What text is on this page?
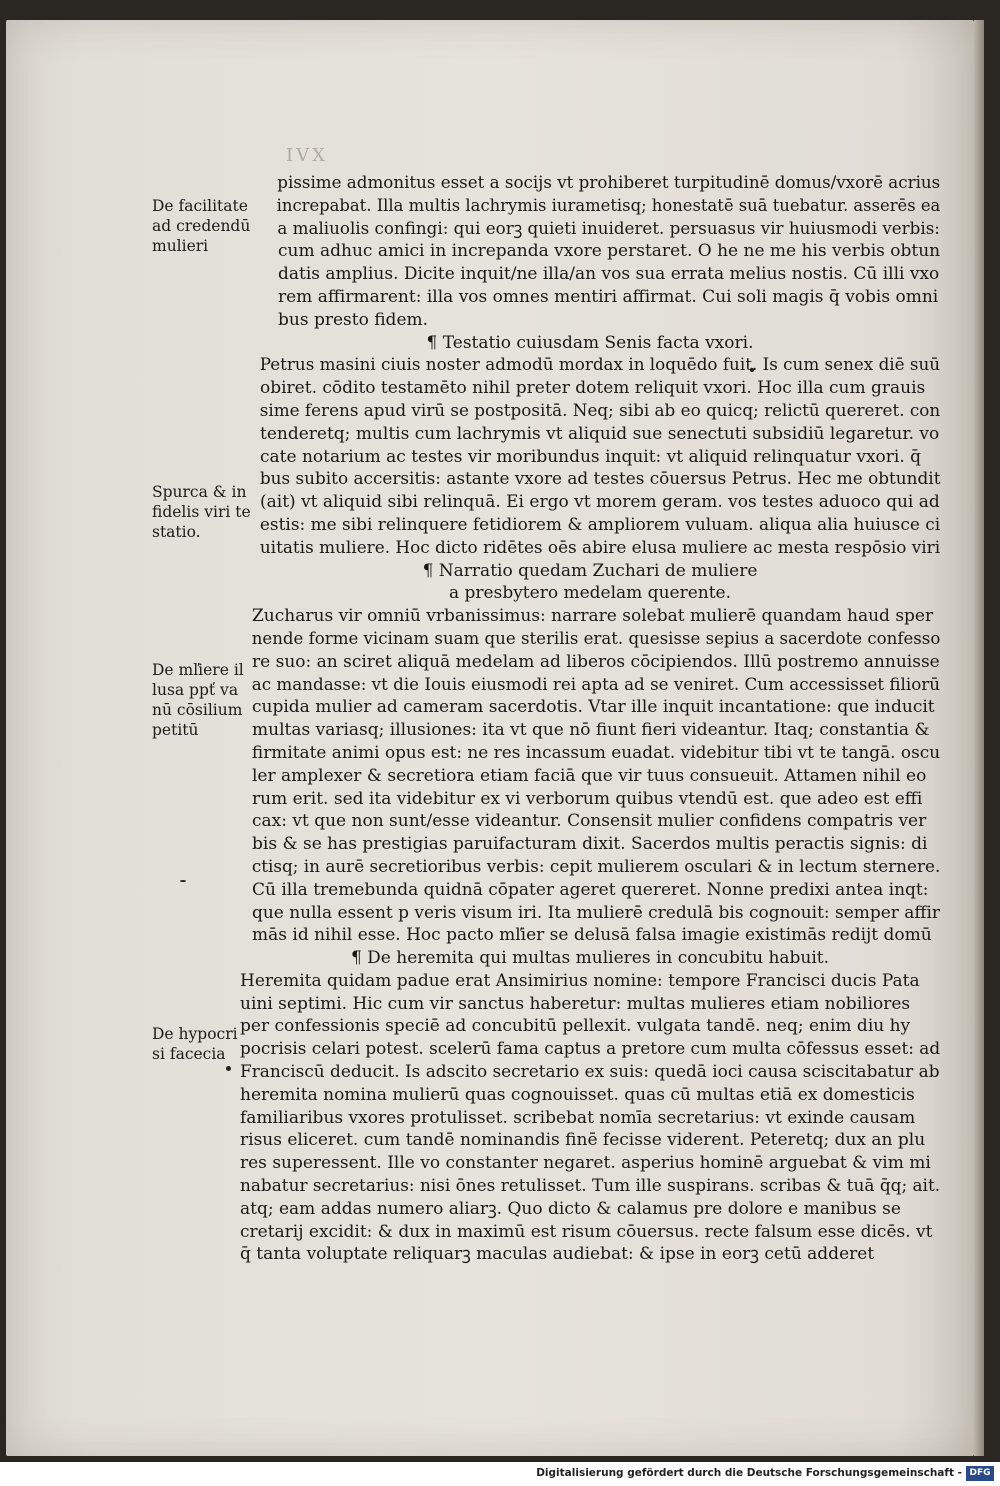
IVX
De facilitate
ad credendū
mulieri
Spurca & in
fidelis viri te
statio.
De mľiere il
lusa ppť va
nū cōsilium
petitū
De hypocri
si facecia
pissime admonitus esset a socijs vt prohiberet turpitudinē domus/vxorē acrius
increpabat. Illa multis lachrymis iurametisq; honestatē suā tuebatur. asserēs ea
a maliuolis confingi: qui eorꝫ quieti inuideret. persuasus vir huiusmodi verbis:
cum adhuc amici in increpanda vxore perstaret. O he ne me his verbis obtun
datis amplius. Dicite inquit/ne illa/an vos sua errata melius nostis. Cū illi vxo
rem affirmarent: illa vos omnes mentiri affirmat. Cui soli magis q̄ vobis omni
bus presto fidem.
¶ Testatio cuiusdam Senis facta vxori.
Petrus masini ciuis noster admodū mordax in loquēdo fuit. Is cum senex diē suū
obiret. cōdito testamēto nihil preter dotem reliquit vxori. Hoc illa cum grauis
sime ferens apud virū se postpositā. Neq; sibi ab eo quicq; relictū quereret. con
tenderetq; multis cum lachrymis vt aliquid sue senectuti subsidiū legaretur. vo
cate notarium ac testes vir moribundus inquit: vt aliquid relinquatur vxori. q̄
bus subito accersitis: astante vxore ad testes cōuersus Petrus. Hec me obtundit
(ait) vt aliquid sibi relinquā. Ei ergo vt morem geram. vos testes aduoco qui ad
estis: me sibi relinquere fetidiorem & ampliorem vuluam. aliqua alia huiusce ci
uitatis muliere. Hoc dicto ridētes oēs abire elusa muliere ac mesta respōsio viri
¶ Narratio quedam Zuchari de muliere
a presbytero medelam querente.
Zucharus vir omniū vrbanissimus: narrare solebat mulierē quandam haud sper
nende forme vicinam suam que sterilis erat. quesisse sepius a sacerdote confesso
re suo: an sciret aliquā medelam ad liberos cōcipiendos. Illū postremo annuisse
ac mandasse: vt die Iouis eiusmodi rei apta ad se veniret. Cum accessisset filiorū
cupida mulier ad cameram sacerdotis. Vtar ille inquit incantatione: que inducit
multas variasq; illusiones: ita vt que nō fiunt fieri videantur. Itaq; constantia &
firmitate animi opus est: ne res incassum euadat. videbitur tibi vt te tangā. oscu
ler amplexer & secretiora etiam faciā que vir tuus consueuit. Attamen nihil eo
rum erit. sed ita videbitur ex vi verborum quibus vtendū est. que adeo est effi
cax: vt que non sunt/esse videantur. Consensit mulier confidens compatris ver
bis & se has prestigias paruifacturam dixit. Sacerdos multis peractis signis: di
ctisq; in aurē secretioribus verbis: cepit mulierem osculari & in lectum sternere.
Cū illa tremebunda quidnā cōpater ageret quereret. Nonne predixi antea inqt:
que nulla essent p veris visum iri. Ita mulierē credulā bis cognouit: semper affir
mās id nihil esse. Hoc pacto mľier se delusā falsa imagie existimās redijt domū
¶ De heremita qui multas mulieres in concubitu habuit.
Heremita quidam padue erat Ansimirius nomine: tempore Francisci ducis Pata
uini septimi. Hic cum vir sanctus haberetur: multas mulieres etiam nobiliores
per confessionis speciē ad concubitū pellexit. vulgata tandē. neq; enim diu hy
pocrisis celari potest. scelerū fama captus a pretore cum multa cōfessus esset: ad
Franciscū deducit. Is adscito secretario ex suis: quedā ioci causa sciscitabatur ab
heremita nomina mulierū quas cognouisset. quas cū multas etiā ex domesticis
familiaribus vxores protulisset. scribebat nomīa secretarius: vt exinde causam
risus eliceret. cum tandē nominandis finē fecisse viderent. Peteretq; dux an plu
res superessent. Ille vo constanter negaret. asperius hominē arguebat & vim mi
nabatur secretarius: nisi ōnes retulisset. Tum ille suspirans. scribas & tuā q̄q; ait.
atq; eam addas numero aliarꝫ. Quo dicto & calamus pre dolore e manibus se
cretarij excidit: & dux in maximū est risum cōuersus. recte falsum esse dicēs. vt
q̄ tanta voluptate reliquarꝫ maculas audiebat: & ipse in eorꝫ cetū adderet
Digitalisierung gefördert durch die Deutsche Forschungsgemeinschaft - DFG
